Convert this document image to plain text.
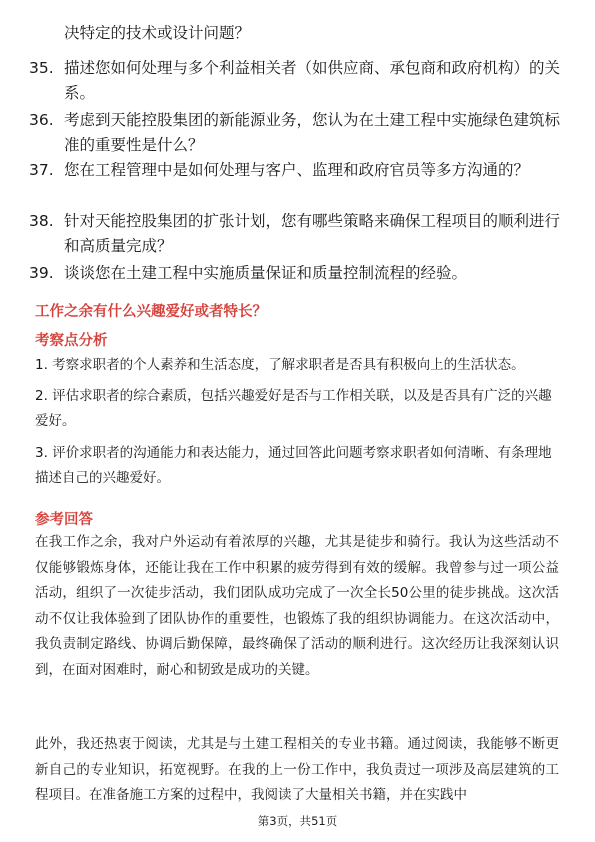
决特定的技术或设计问题？
35. 描述您如何处理与多个利益相关者（如供应商、承包商和政府机构）的关系。
36. 考虑到天能控股集团的新能源业务，您认为在土建工程中实施绿色建筑标准的重要性是什么？
37. 您在工程管理中是如何处理与客户、监理和政府官员等多方沟通的？
38. 针对天能控股集团的扩张计划，您有哪些策略来确保工程项目的顺利进行和高质量完成？
39. 谈谈您在土建工程中实施质量保证和质量控制流程的经验。
工作之余有什么兴趣爱好或者特长？
考察点分析
1. 考察求职者的个人素养和生活态度，了解求职者是否具有积极向上的生活状态。
2. 评估求职者的综合素质，包括兴趣爱好是否与工作相关联，以及是否具有广泛的兴趣爱好。
3. 评价求职者的沟通能力和表达能力，通过回答此问题考察求职者如何清晰、有条理地描述自己的兴趣爱好。
参考回答
在我工作之余，我对户外运动有着浓厚的兴趣，尤其是徒步和骑行。我认为这些活动不仅能够锻炼身体，还能让我在工作中积累的疲劳得到有效的缓解。我曾参与过一项公益活动，组织了一次徒步活动，我们团队成功完成了一次全长50公里的徒步挑战。这次活动不仅让我体验到了团队协作的重要性，也锻炼了我的组织协调能力。在这次活动中，我负责制定路线、协调后勤保障，最终确保了活动的顺利进行。这次经历让我深刻认识到，在面对困难时，耐心和韧致是成功的关键。
此外，我还热衷于阅读，尤其是与土建工程相关的专业书籍。通过阅读，我能够不断更新自己的专业知识，拓宽视野。在我的上一份工作中，我负责过一项涉及高层建筑的工程项目。在准备施工方案的过程中，我阅读了大量相关书籍，并在实践中
第3页，共51页
